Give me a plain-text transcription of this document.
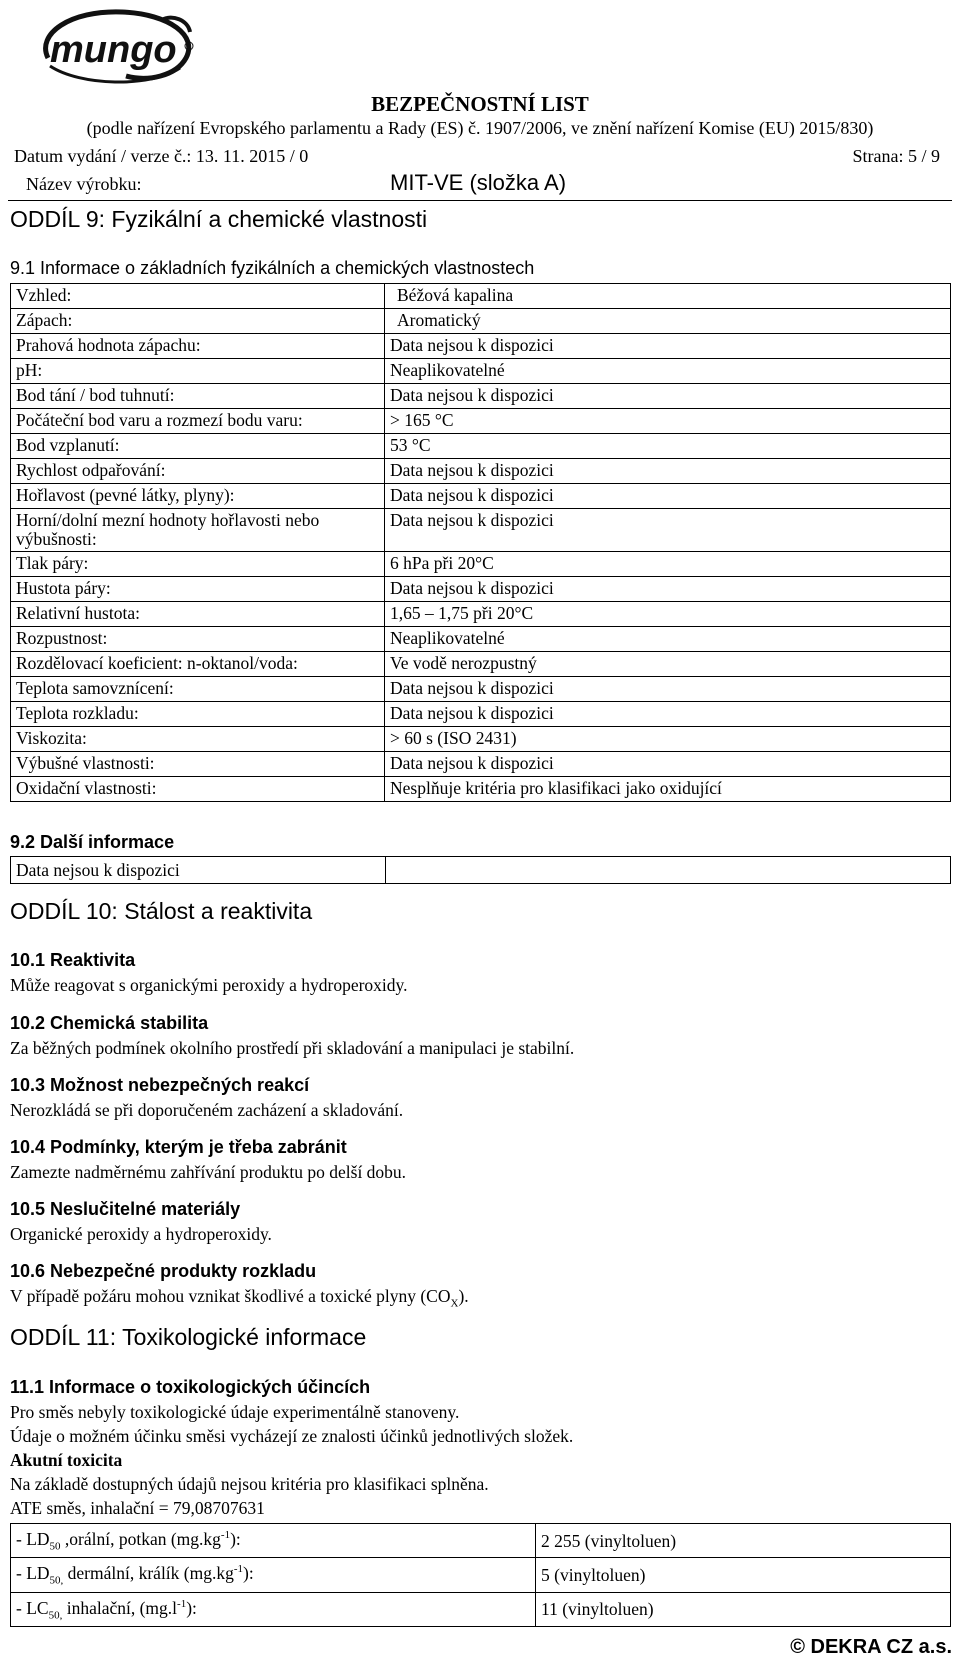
mungo
BEZPEČNOSTNÍ LIST
(podle nařízení Evropského parlamentu a Rady (ES) č. 1907/2006, ve znění nařízení Komise (EU) 2015/830)
Datum vydání / verze č.: 13. 11. 2015 / 0	Strana: 5 / 9
Název výrobku:	MIT-VE (složka A)
ODDÍL 9: Fyzikální a chemické vlastnosti
9.1 Informace o základních fyzikálních a chemických vlastnostech
Vzhled:	Béžová kapalina
Zápach:	Aromatický
Prahová hodnota zápachu:	Data nejsou k dispozici
pH:	Neaplikovatelné
Bod tání / bod tuhnutí:	Data nejsou k dispozici
Počáteční bod varu a rozmezí bodu varu:	> 165 °C
Bod vzplanutí:	53 °C
Rychlost odpařování:	Data nejsou k dispozici
Hořlavost (pevné látky, plyny):	Data nejsou k dispozici
Horní/dolní mezní hodnoty hořlavosti nebo výbušnosti:	Data nejsou k dispozici
Tlak páry:	6 hPa při 20°C
Hustota páry:	Data nejsou k dispozici
Relativní hustota:	1,65 – 1,75 při 20°C
Rozpustnost:	Neaplikovatelné
Rozdělovací koeficient: n-oktanol/voda:	Ve vodě nerozpustný
Teplota samovznícení:	Data nejsou k dispozici
Teplota rozkladu:	Data nejsou k dispozici
Viskozita:	> 60 s (ISO 2431)
Výbušné vlastnosti:	Data nejsou k dispozici
Oxidační vlastnosti:	Nesplňuje kritéria pro klasifikaci jako oxidující
9.2 Další informace
Data nejsou k dispozici	
ODDÍL 10: Stálost a reaktivita
10.1 Reaktivita
Může reagovat s organickými peroxidy a hydroperoxidy.
10.2 Chemická stabilita
Za běžných podmínek okolního prostředí při skladování a manipulaci je stabilní.
10.3 Možnost nebezpečných reakcí
Nerozkládá se při doporučeném zacházení a skladování.
10.4 Podmínky, kterým je třeba zabránit
Zamezte nadměrnému zahřívání produktu po delší dobu.
10.5 Neslučitelné materiály
Organické peroxidy a hydroperoxidy.
10.6 Nebezpečné produkty rozkladu
V případě požáru mohou vznikat škodlivé a toxické plyny $(CO_X)$.
ODDÍL 11: Toxikologické informace
11.1 Informace o toxikologických účincích
Pro směs nebyly toxikologické údaje experimentálně stanoveny.
Údaje o možném účinku směsi vycházejí ze znalosti účinků jednotlivých složek.
Akutní toxicita
Na základě dostupných údajů nejsou kritéria pro klasifikaci splněna.
ATE směs, inhalační = 79,08707631
- $LD_{50}$ ,orální, potkan $(mg.kg^{-1})$:	2 255 (vinyltoluen)
- $LD_{50,}$ dermální, králík $(mg.kg^{-1})$:	5 (vinyltoluen)
- $LC_{50,}$ inhalační, $(mg.l^{-1})$:	11 (vinyltoluen)
© DEKRA CZ a.s.
